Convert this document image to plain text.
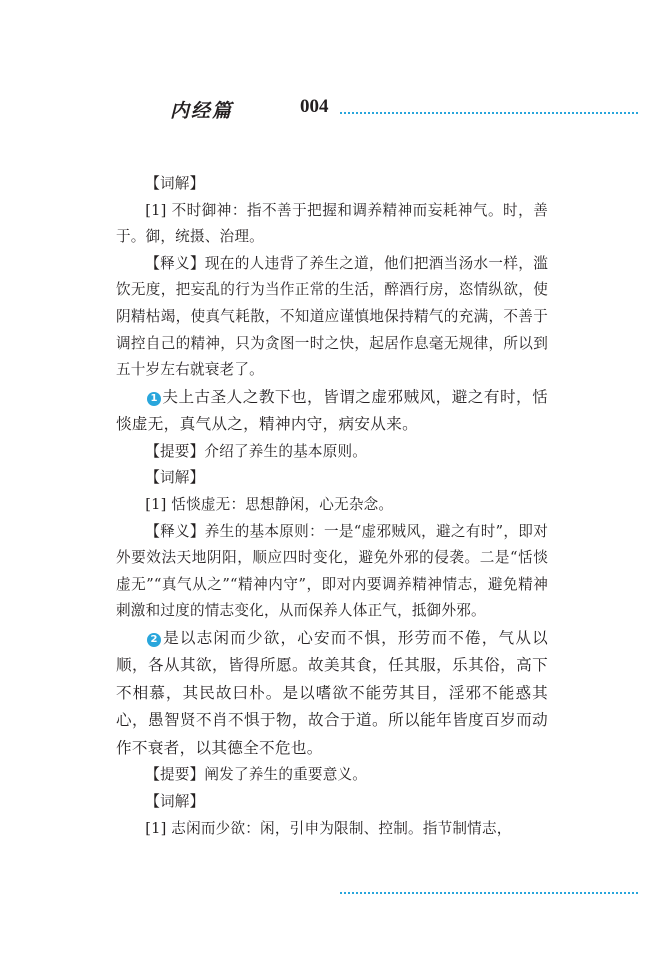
内经篇	004

【词解】

[1] 不时御神：指不善于把握和调养精神而妄耗神气。时，善于。御，统摄、治理。

【释义】现在的人违背了养生之道，他们把酒当汤水一样，滥饮无度，把妄乱的行为当作正常的生活，醉酒行房，恣情纵欲，使阴精枯竭，使真气耗散，不知道应谨慎地保持精气的充满，不善于调控自己的精神，只为贪图一时之快，起居作息毫无规律，所以到五十岁左右就衰老了。

1 夫上古圣人之教下也，皆谓之虚邪贼风，避之有时，恬惔虚无，真气从之，精神内守，病安从来。

【提要】介绍了养生的基本原则。

【词解】

[1] 恬惔虚无：思想静闲，心无杂念。

【释义】养生的基本原则：一是“虚邪贼风，避之有时”，即对外要效法天地阴阳，顺应四时变化，避免外邪的侵袭。二是“恬惔虚无”“真气从之”“精神内守”，即对内要调养精神情志，避免精神刺激和过度的情志变化，从而保养人体正气，抵御外邪。

2 是以志闲而少欲，心安而不惧，形劳而不倦，气从以顺，各从其欲，皆得所愿。故美其食，任其服，乐其俗，高下不相慕，其民故曰朴。是以嗜欲不能劳其目，淫邪不能惑其心，愚智贤不肖不惧于物，故合于道。所以能年皆度百岁而动作不衰者，以其德全不危也。

【提要】阐发了养生的重要意义。

【词解】

[1] 志闲而少欲：闲，引申为限制、控制。指节制情志，
